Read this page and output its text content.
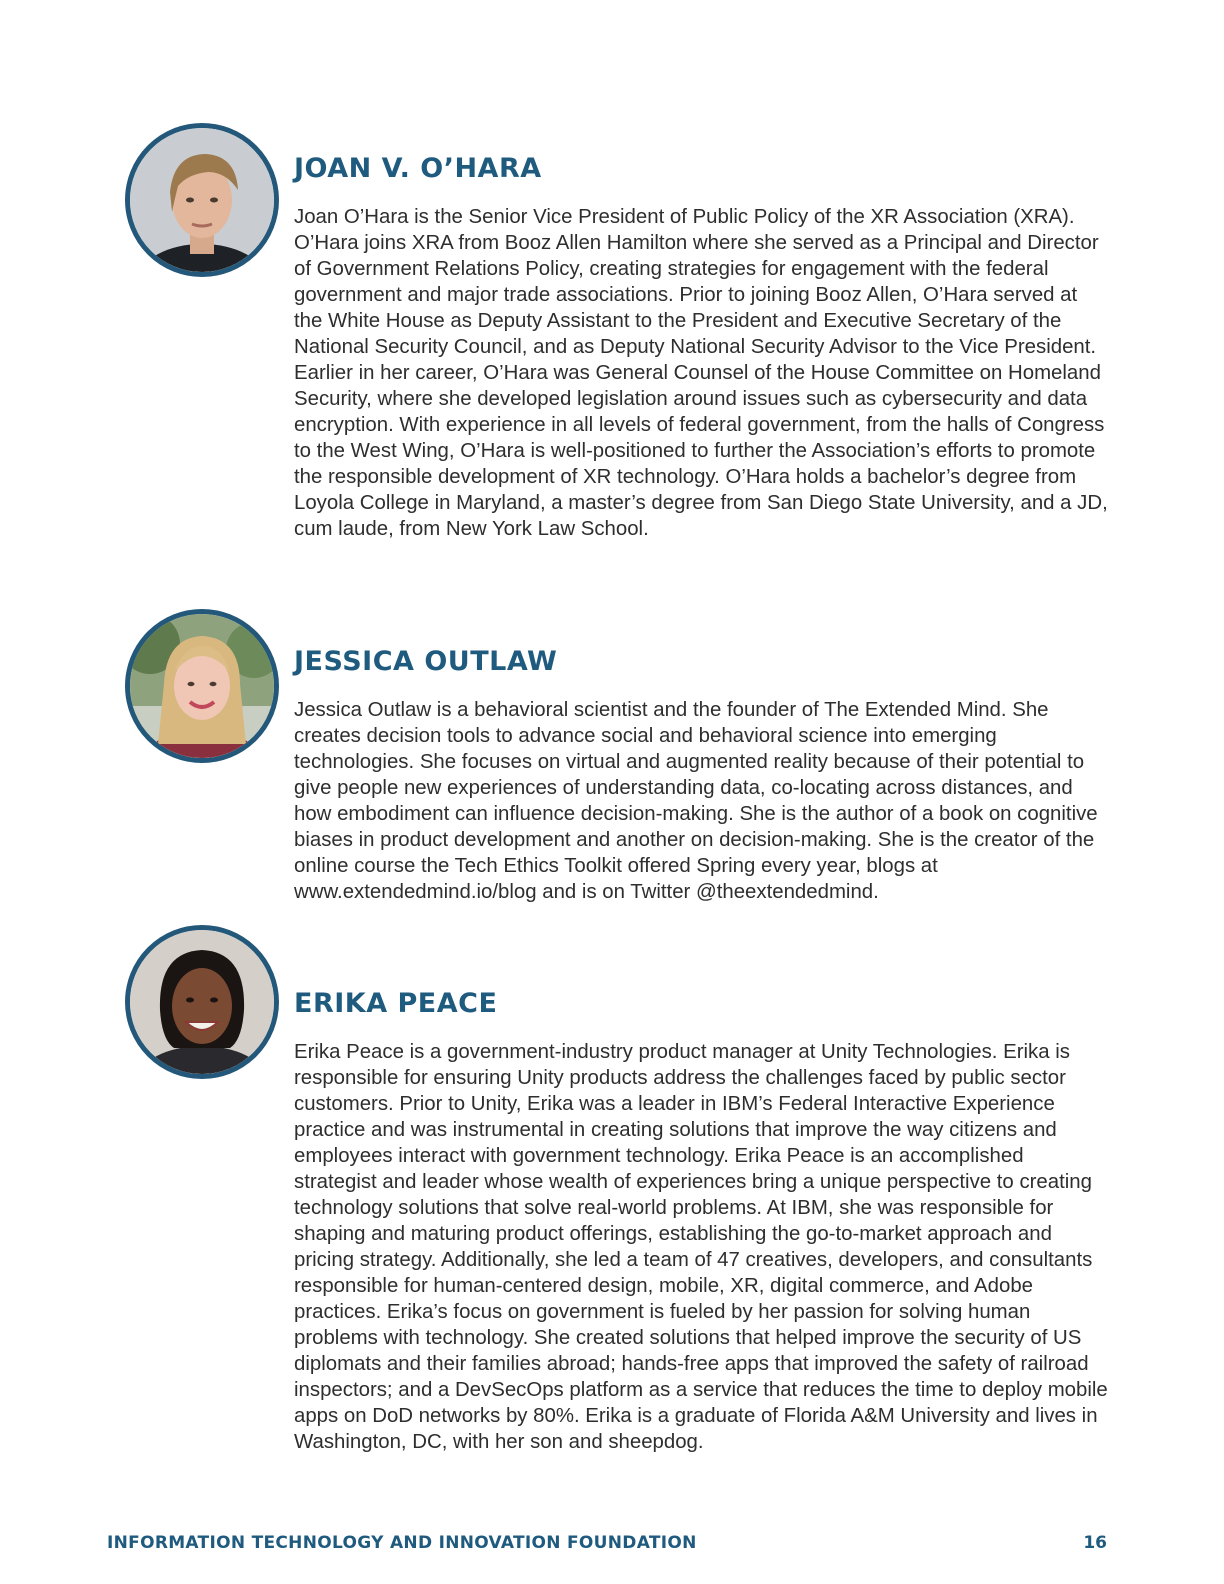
JOAN V. O’HARA

Joan O’Hara is the Senior Vice President of Public Policy of the XR Association (XRA). O’Hara joins XRA from Booz Allen Hamilton where she served as a Principal and Director of Government Relations Policy, creating strategies for engagement with the federal government and major trade associations. Prior to joining Booz Allen, O’Hara served at the White House as Deputy Assistant to the President and Executive Secretary of the National Security Council, and as Deputy National Security Advisor to the Vice President. Earlier in her career, O’Hara was General Counsel of the House Committee on Homeland Security, where she developed legislation around issues such as cybersecurity and data encryption. With experience in all levels of federal government, from the halls of Congress to the West Wing, O’Hara is well-positioned to further the Association’s efforts to promote the responsible development of XR technology. O’Hara holds a bachelor’s degree from Loyola College in Maryland, a master’s degree from San Diego State University, and a JD, cum laude, from New York Law School.

JESSICA OUTLAW

Jessica Outlaw is a behavioral scientist and the founder of The Extended Mind. She creates decision tools to advance social and behavioral science into emerging technologies. She focuses on virtual and augmented reality because of their potential to give people new experiences of understanding data, co-locating across distances, and how embodiment can influence decision-making. She is the author of a book on cognitive biases in product development and another on decision-making. She is the creator of the online course the Tech Ethics Toolkit offered Spring every year, blogs at www.extendedmind.io/blog and is on Twitter @theextendedmind.

ERIKA PEACE

Erika Peace is a government-industry product manager at Unity Technologies. Erika is responsible for ensuring Unity products address the challenges faced by public sector customers. Prior to Unity, Erika was a leader in IBM’s Federal Interactive Experience practice and was instrumental in creating solutions that improve the way citizens and employees interact with government technology. Erika Peace is an accomplished strategist and leader whose wealth of experiences bring a unique perspective to creating technology solutions that solve real-world problems. At IBM, she was responsible for shaping and maturing product offerings, establishing the go-to-market approach and pricing strategy. Additionally, she led a team of 47 creatives, developers, and consultants responsible for human-centered design, mobile, XR, digital commerce, and Adobe practices. Erika’s focus on government is fueled by her passion for solving human problems with technology. She created solutions that helped improve the security of US diplomats and their families abroad; hands-free apps that improved the safety of railroad inspectors; and a DevSecOps platform as a service that reduces the time to deploy mobile apps on DoD networks by 80%. Erika is a graduate of Florida A&M University and lives in Washington, DC, with her son and sheepdog.

INFORMATION TECHNOLOGY AND INNOVATION FOUNDATION	16
